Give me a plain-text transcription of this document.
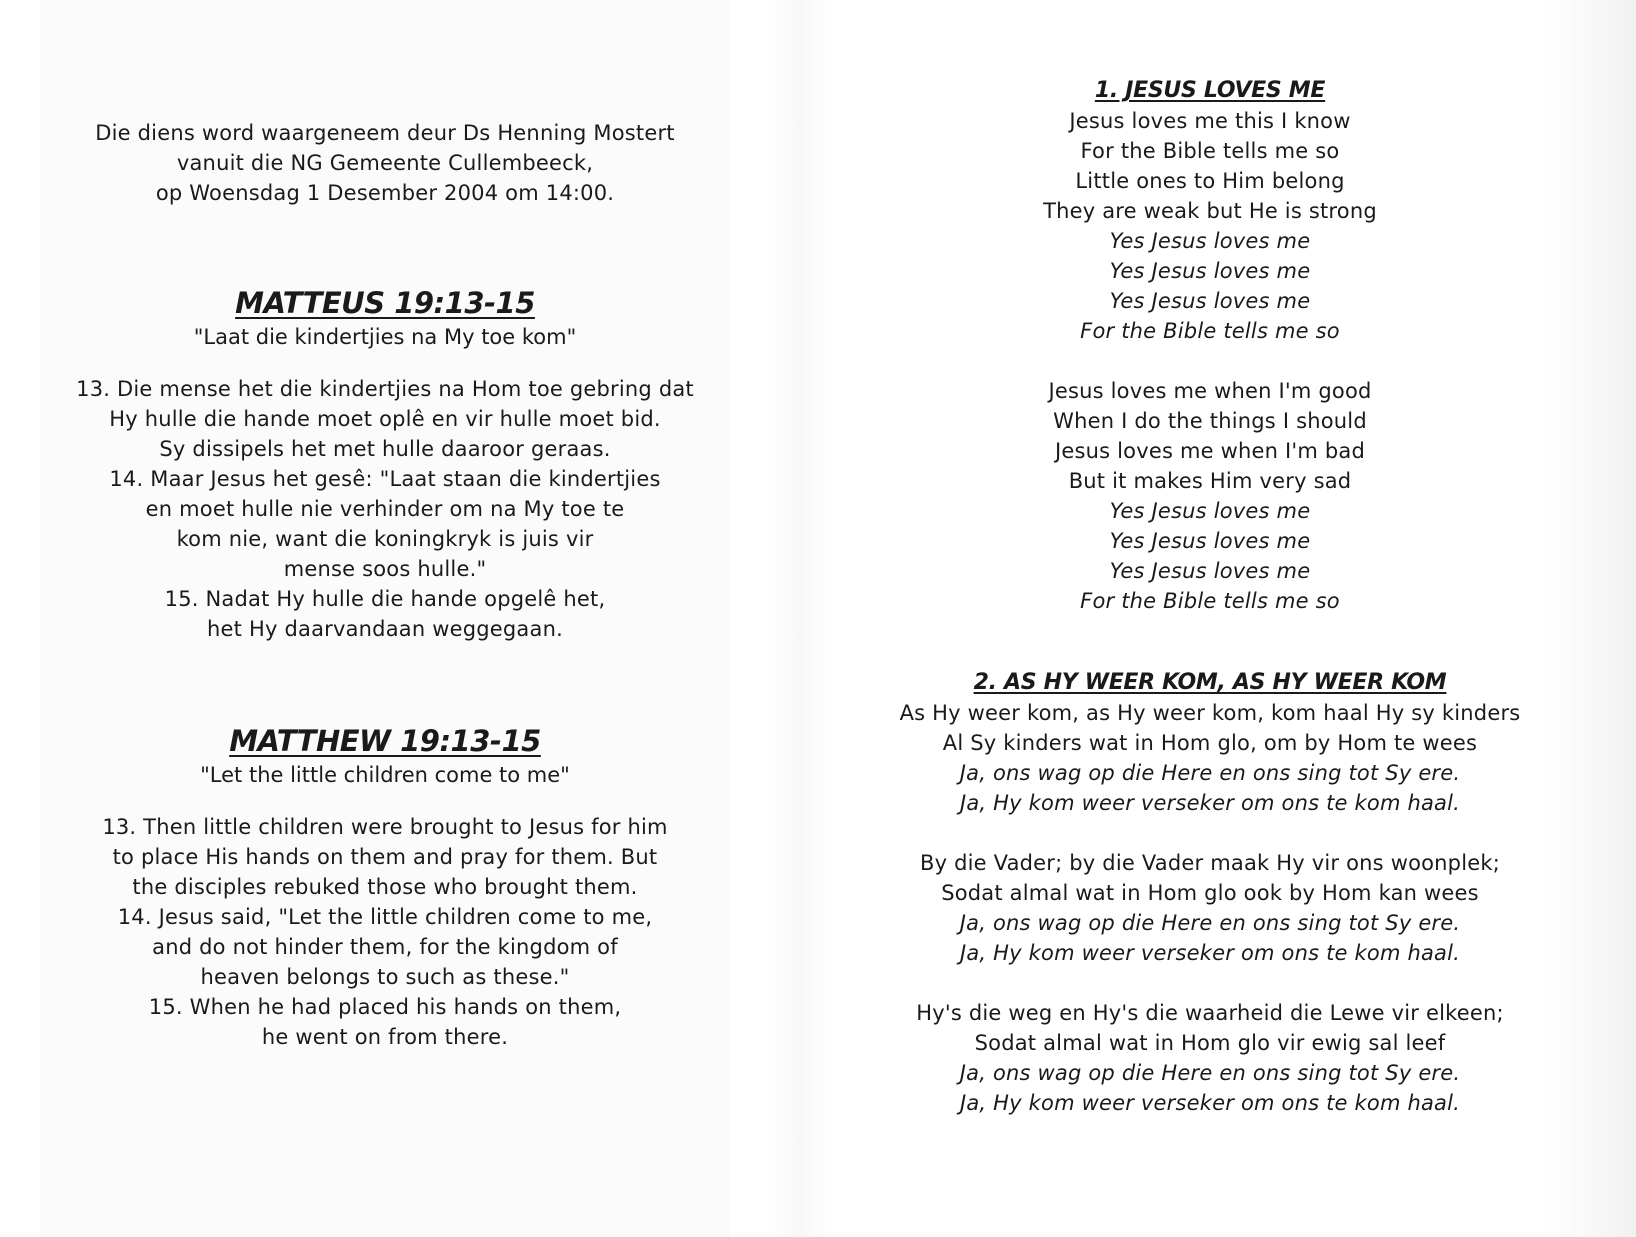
Die diens word waargeneem deur Ds Henning Mostert
vanuit die NG Gemeente Cullembeeck,
op Woensdag 1 Desember 2004 om 14:00.
MATTEUS 19:13-15
"Laat die kindertjies na My toe kom"
13. Die mense het die kindertjies na Hom toe gebring dat
Hy hulle die hande moet oplê en vir hulle moet bid.
Sy dissipels het met hulle daaroor geraas.
14. Maar Jesus het gesê: "Laat staan die kindertjies
en moet hulle nie verhinder om na My toe te
kom nie, want die koningkryk is juis vir
mense soos hulle."
15. Nadat Hy hulle die hande opgelê het,
het Hy daarvandaan weggegaan.
MATTHEW 19:13-15
"Let the little children come to me"
13. Then little children were brought to Jesus for him
to place His hands on them and pray for them. But
the disciples rebuked those who brought them.
14. Jesus said, "Let the little children come to me,
and do not hinder them, for the kingdom of
heaven belongs to such as these."
15. When he had placed his hands on them,
he went on from there.
1. JESUS LOVES ME
Jesus loves me this I know
For the Bible tells me so
Little ones to Him belong
They are weak but He is strong
Yes Jesus loves me
Yes Jesus loves me
Yes Jesus loves me
For the Bible tells me so
Jesus loves me when I'm good
When I do the things I should
Jesus loves me when I'm bad
But it makes Him very sad
Yes Jesus loves me
Yes Jesus loves me
Yes Jesus loves me
For the Bible tells me so
2. AS HY WEER KOM, AS HY WEER KOM
As Hy weer kom, as Hy weer kom, kom haal Hy sy kinders
Al Sy kinders wat in Hom glo, om by Hom te wees
Ja, ons wag op die Here en ons sing tot Sy ere.
Ja, Hy kom weer verseker om ons te kom haal.
By die Vader; by die Vader maak Hy vir ons woonplek;
Sodat almal wat in Hom glo ook by Hom kan wees
Ja, ons wag op die Here en ons sing tot Sy ere.
Ja, Hy kom weer verseker om ons te kom haal.
Hy's die weg en Hy's die waarheid die Lewe vir elkeen;
Sodat almal wat in Hom glo vir ewig sal leef
Ja, ons wag op die Here en ons sing tot Sy ere.
Ja, Hy kom weer verseker om ons te kom haal.
